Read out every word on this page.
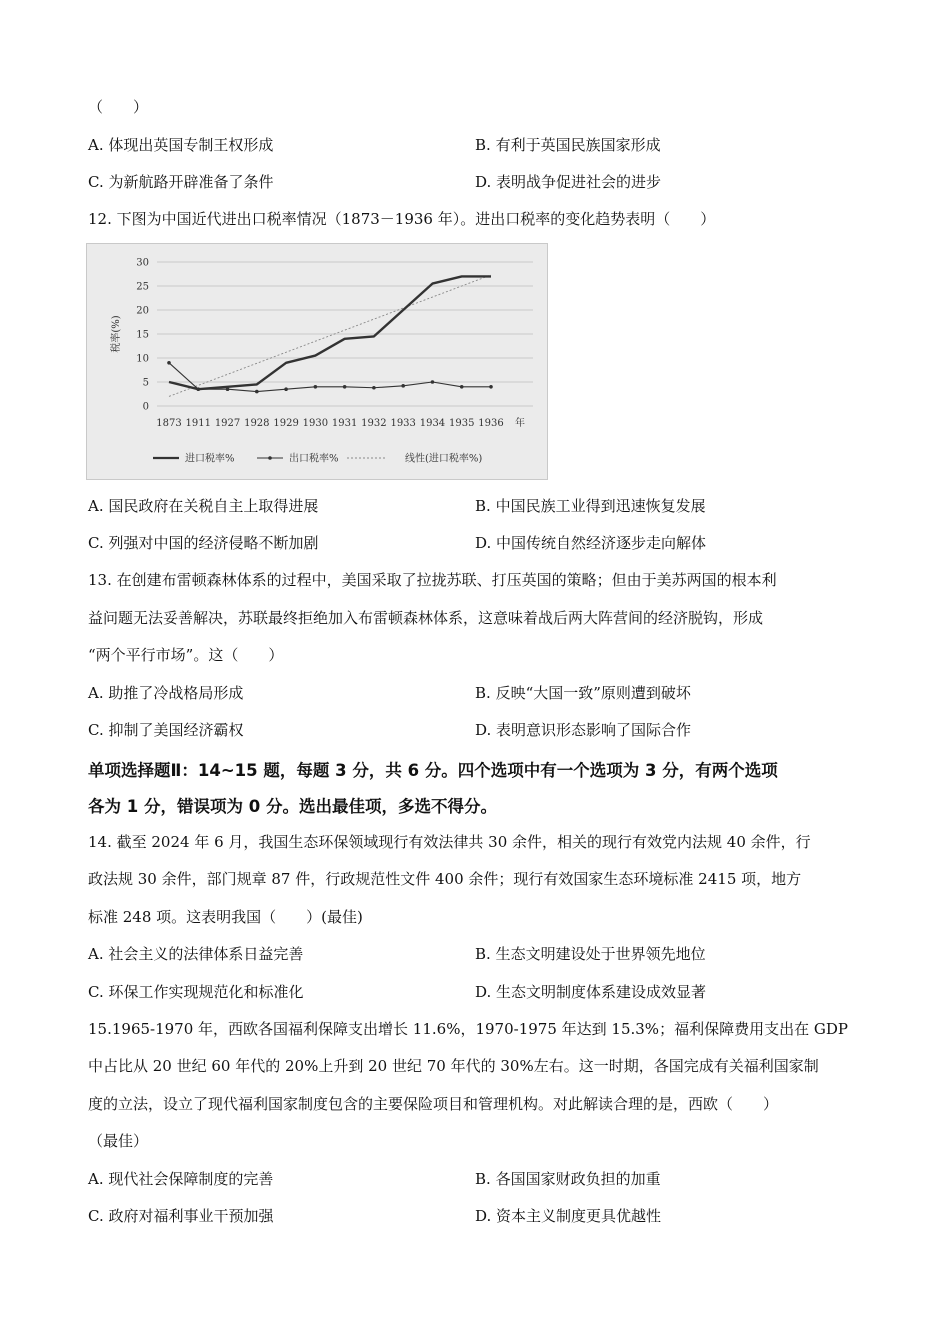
（　　）
A. 体现出英国专制王权形成	B. 有利于英国民族国家形成
C. 为新航路开辟准备了条件	D. 表明战争促进社会的进步
12. 下图为中国近代进出口税率情况（1873－1936 年）。进出口税率的变化趋势表明（　　）
0
5
10
15
20
25
30
税率(%)
1873 1911 1927 1928 1929 1930 1931 1932 1933 1934 1935 1936 年
进口税率%	出口税率%	线性(进口税率%)
A. 国民政府在关税自主上取得进展	B. 中国民族工业得到迅速恢复发展
C. 列强对中国的经济侵略不断加剧	D. 中国传统自然经济逐步走向解体
13. 在创建布雷顿森林体系的过程中，美国采取了拉拢苏联、打压英国的策略；但由于美苏两国的根本利
益问题无法妥善解决，苏联最终拒绝加入布雷顿森林体系，这意味着战后两大阵营间的经济脱钩，形成
“两个平行市场”。这（　　）
A. 助推了冷战格局形成	B. 反映“大国一致”原则遭到破坏
C. 抑制了美国经济霸权	D. 表明意识形态影响了国际合作
单项选择题Ⅱ：14~15 题，每题 3 分，共 6 分。四个选项中有一个选项为 3 分，有两个选项
各为 1 分，错误项为 0 分。选出最佳项，多选不得分。
14. 截至 2024 年 6 月，我国生态环保领域现行有效法律共 30 余件，相关的现行有效党内法规 40 余件，行
政法规 30 余件，部门规章 87 件，行政规范性文件 400 余件；现行有效国家生态环境标准 2415 项，地方
标准 248 项。这表明我国（　　）(最佳)
A. 社会主义的法律体系日益完善	B. 生态文明建设处于世界领先地位
C. 环保工作实现规范化和标准化	D. 生态文明制度体系建设成效显著
15.1965-1970 年，西欧各国福利保障支出增长 11.6%，1970-1975 年达到 15.3%；福利保障费用支出在 GDP
中占比从 20 世纪 60 年代的 20%上升到 20 世纪 70 年代的 30%左右。这一时期，各国完成有关福利国家制
度的立法，设立了现代福利国家制度包含的主要保险项目和管理机构。对此解读合理的是，西欧（　　）
（最佳）
A. 现代社会保障制度的完善	B. 各国国家财政负担的加重
C. 政府对福利事业干预加强	D. 资本主义制度更具优越性
